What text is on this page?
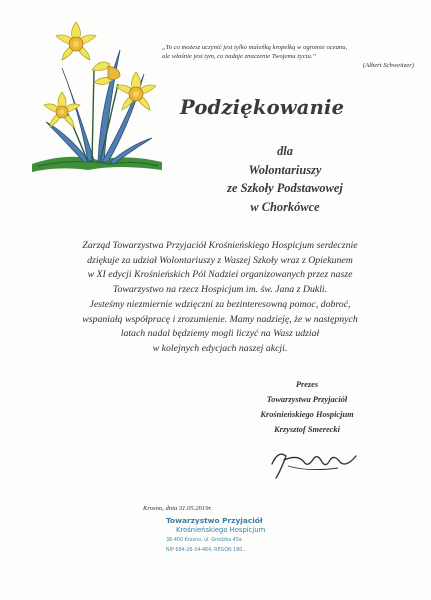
„To co możesz uczynić jest tylko maleńką kropelką w ogromie oceanu,
ale właśnie jest tym, co nadaje znaczenie Twojemu życiu.”
(Albert Schweitzer)
Podziękowanie
dla
Wolontariuszy
ze Szkoły Podstawowej
w Chorkówce
Zarząd Towarzystwa Przyjaciół Krośnieńskiego Hospicjum serdecznie
dziękuje za udział Wolontariuszy z Waszej Szkoły wraz z Opiekunem
w XI edycji Krośnieńskich Pól Nadziei organizowanych przez nasze
Towarzystwo na rzecz Hospicjum im. św. Jana z Dukli.
Jesteśmy niezmiernie wdzięczni za bezinteresowną pomoc, dobroć,
wspaniałą współpracę i zrozumienie. Mamy nadzieję, że w następnych
latach nadal będziemy mogli liczyć na Wasz udział
w kolejnych edycjach naszej akcji.
Prezes
Towarzystwa Przyjaciół
Krośnieńskiego Hospicjum
Krzysztof Smerecki
Krosno, dnia 31.05.2019r.
Towarzystwo Przyjaciół
Krośnieńskiego Hospicjum
38-400 Krosno, ul. Grodzka 45a
NIP 684-26-34-464, REGON 180...
